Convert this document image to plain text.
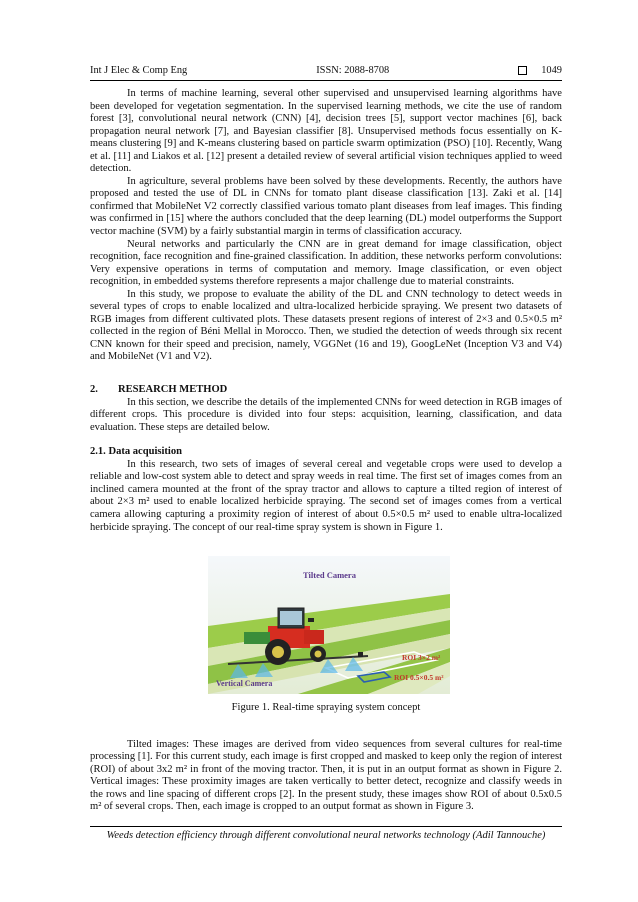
Int J Elec & Comp Eng	ISSN: 2088-8708	1049

In terms of machine learning, several other supervised and unsupervised learning algorithms have been developed for vegetation segmentation. In the supervised learning methods, we cite the use of random forest [3], convolutional neural network (CNN) [4], decision trees [5], support vector machines [6], back propagation neural network [7], and Bayesian classifier [8]. Unsupervised methods focus essentially on K-means clustering [9] and K-means clustering based on particle swarm optimization (PSO) [10]. Recently, Wang et al. [11] and Liakos et al. [12] present a detailed review of several artificial vision techniques applied to weed detection.

In agriculture, several problems have been solved by these developments. Recently, the authors have proposed and tested the use of DL in CNNs for tomato plant disease classification [13]. Zaki et al. [14] confirmed that MobileNet V2 correctly classified various tomato plant diseases from leaf images. This finding was confirmed in [15] where the authors concluded that the deep learning (DL) model outperforms the Support vector machine (SVM) by a fairly substantial margin in terms of classification accuracy.

Neural networks and particularly the CNN are in great demand for image classification, object recognition, face recognition and fine-grained classification. In addition, these networks perform convolutions: Very expensive operations in terms of computation and memory. Image classification, or even object recognition, in embedded systems therefore represents a major challenge due to material constraints.

In this study, we propose to evaluate the ability of the DL and CNN technology to detect weeds in several types of crops to enable localized and ultra-localized herbicide spraying. We present two datasets of RGB images from different cultivated plots. These datasets present regions of interest of 2×3 and 0.5×0.5 m² collected in the region of Béni Mellal in Morocco. Then, we studied the detection of weeds through six recent CNN known for their speed and precision, namely, VGGNet (16 and 19), GoogLeNet (Inception V3 and V4) and MobileNet (V1 and V2).

2. RESEARCH METHOD

In this section, we describe the details of the implemented CNNs for weed detection in RGB images of different crops. This procedure is divided into four steps: acquisition, learning, classification, and data evaluation. These steps are detailed below.

2.1. Data acquisition

In this research, two sets of images of several cereal and vegetable crops were used to develop a reliable and low-cost system able to detect and spray weeds in real time. The first set of images comes from an inclined camera mounted at the front of the spray tractor and allows to capture a tilted region of interest of about 2×3 m² used to enable localized herbicide spraying. The second set of images comes from a vertical camera allowing capturing a proximity region of interest of about 0.5×0.5 m² used to enable ultra-localized herbicide spraying. The concept of our real-time spray system is shown in Figure 1.

Tilted Camera
Vertical Camera
ROI 3×2 m²
ROI 0.5×0.5 m²
Figure 1. Real-time spraying system concept

Tilted images: These images are derived from video sequences from several cultures for real-time processing [1]. For this current study, each image is first cropped and masked to keep only the region of interest (ROI) of about 3x2 m² in front of the moving tractor. Then, it is put in an output format as shown in Figure 2. Vertical images: These proximity images are taken vertically to better detect, recognize and classify weeds in the rows and line spacing of different crops [2]. In the present study, these images show ROI of about 0.5x0.5 m² of several crops. Then, each image is cropped to an output format as shown in Figure 3.

Weeds detection efficiency through different convolutional neural networks technology (Adil Tannouche)
